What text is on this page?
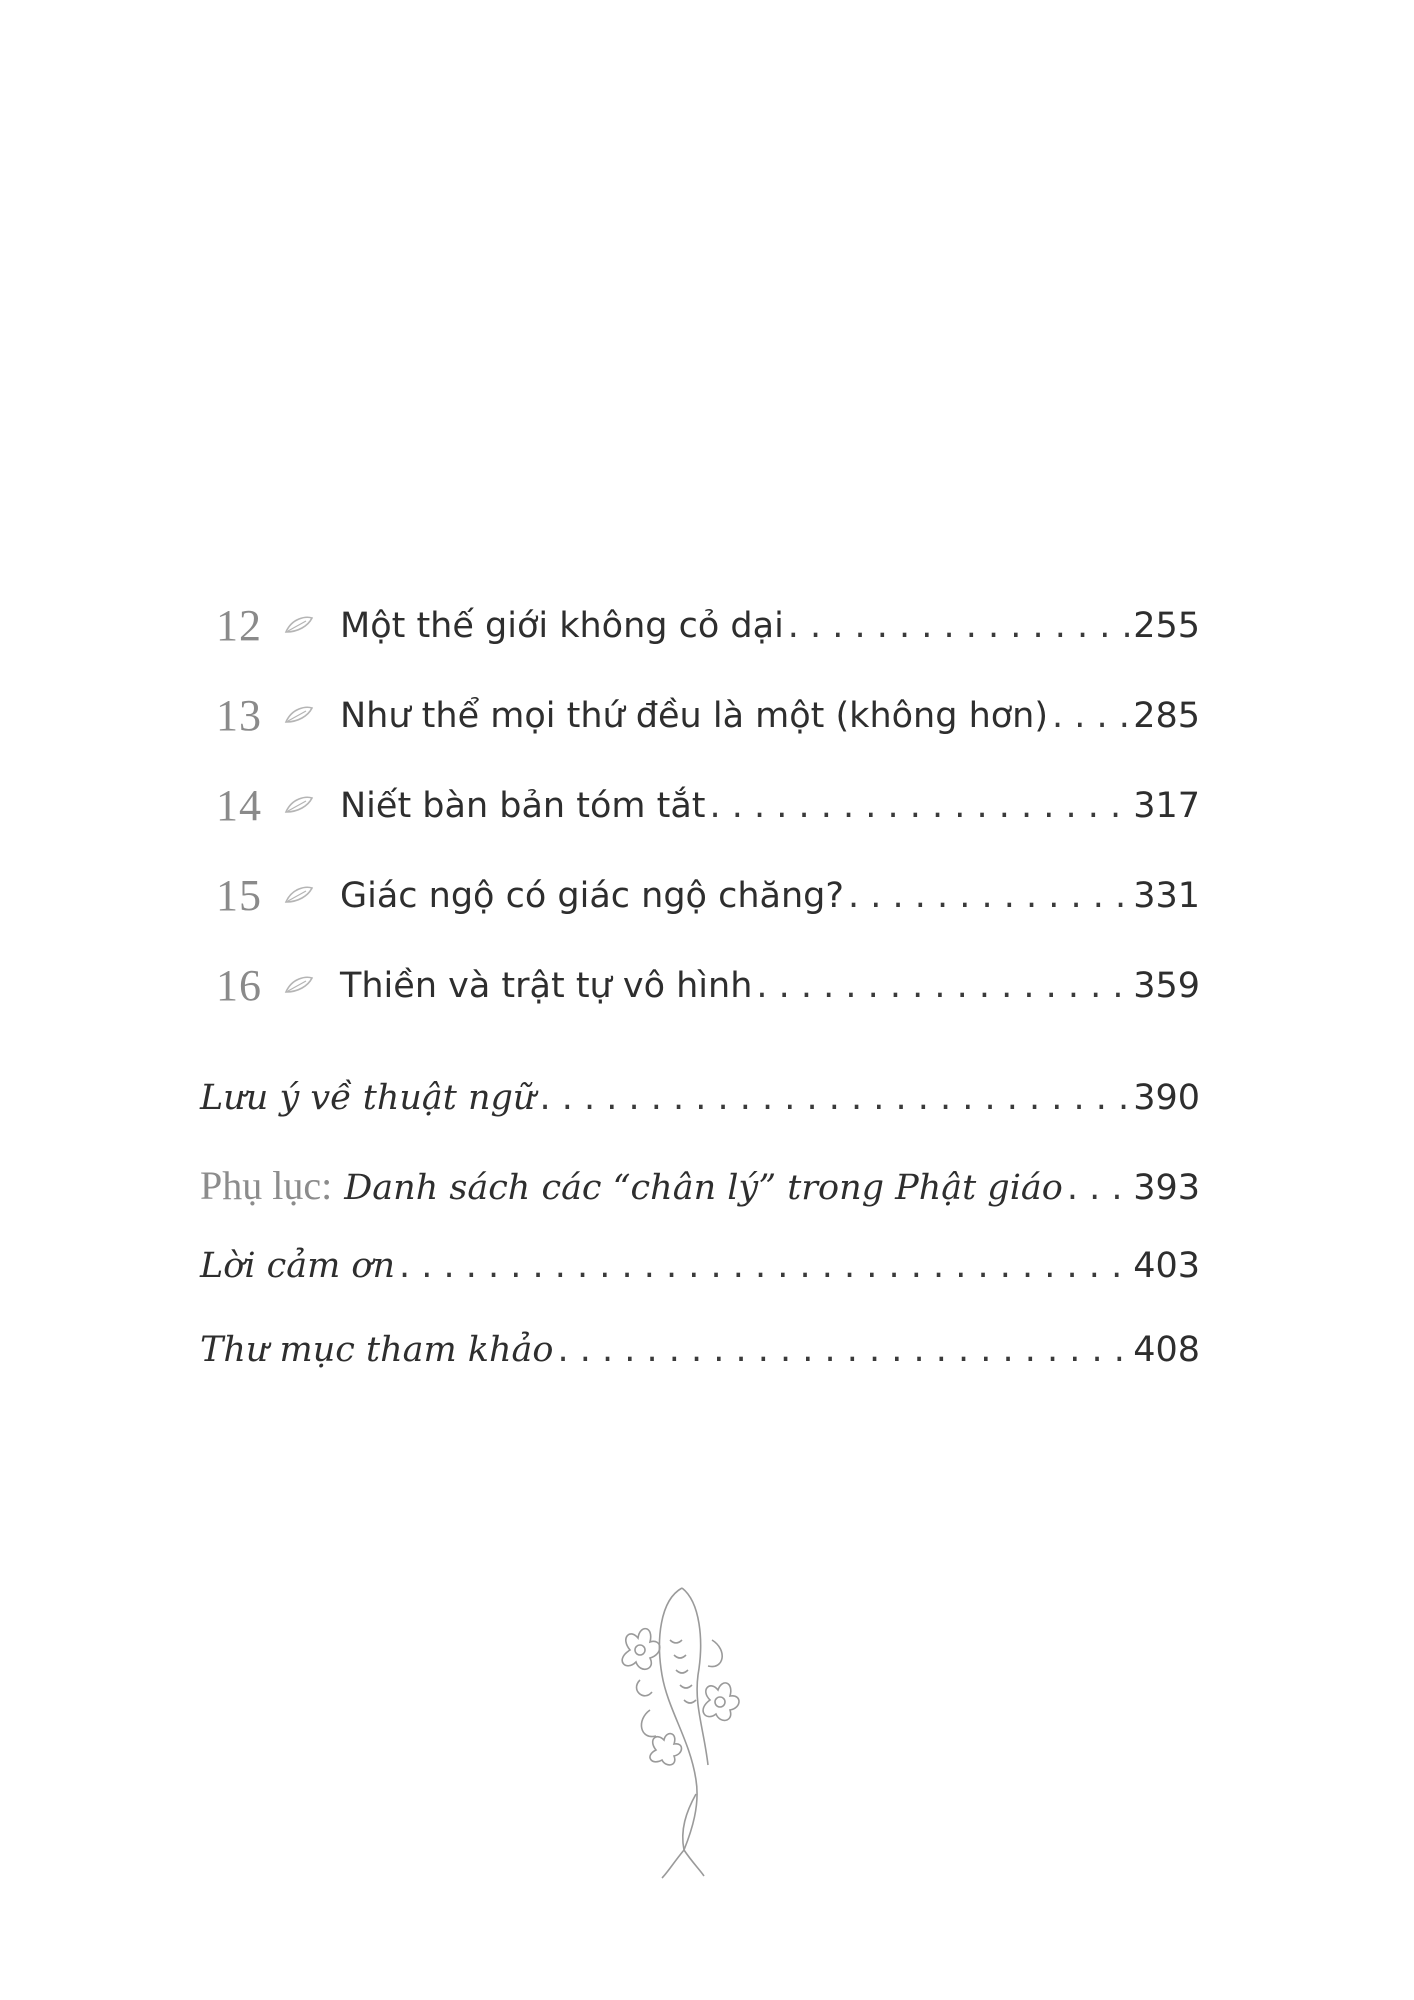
12 Một thế giới không cỏ dại . . .	255
13 Như thể mọi thứ đều là một (không hơn) . . . 285
14 Niết bàn bản tóm tắt . . .	317
15 Giác ngộ có giác ngộ chăng? . . .	331
16 Thiền và trật tự vô hình . . .	359
Lưu ý về thuật ngữ . . .	390
Phụ lục: Danh sách các “chân lý” trong Phật giáo . . . 393
Lời cảm ơn . . .	403
Thư mục tham khảo . . .	408
